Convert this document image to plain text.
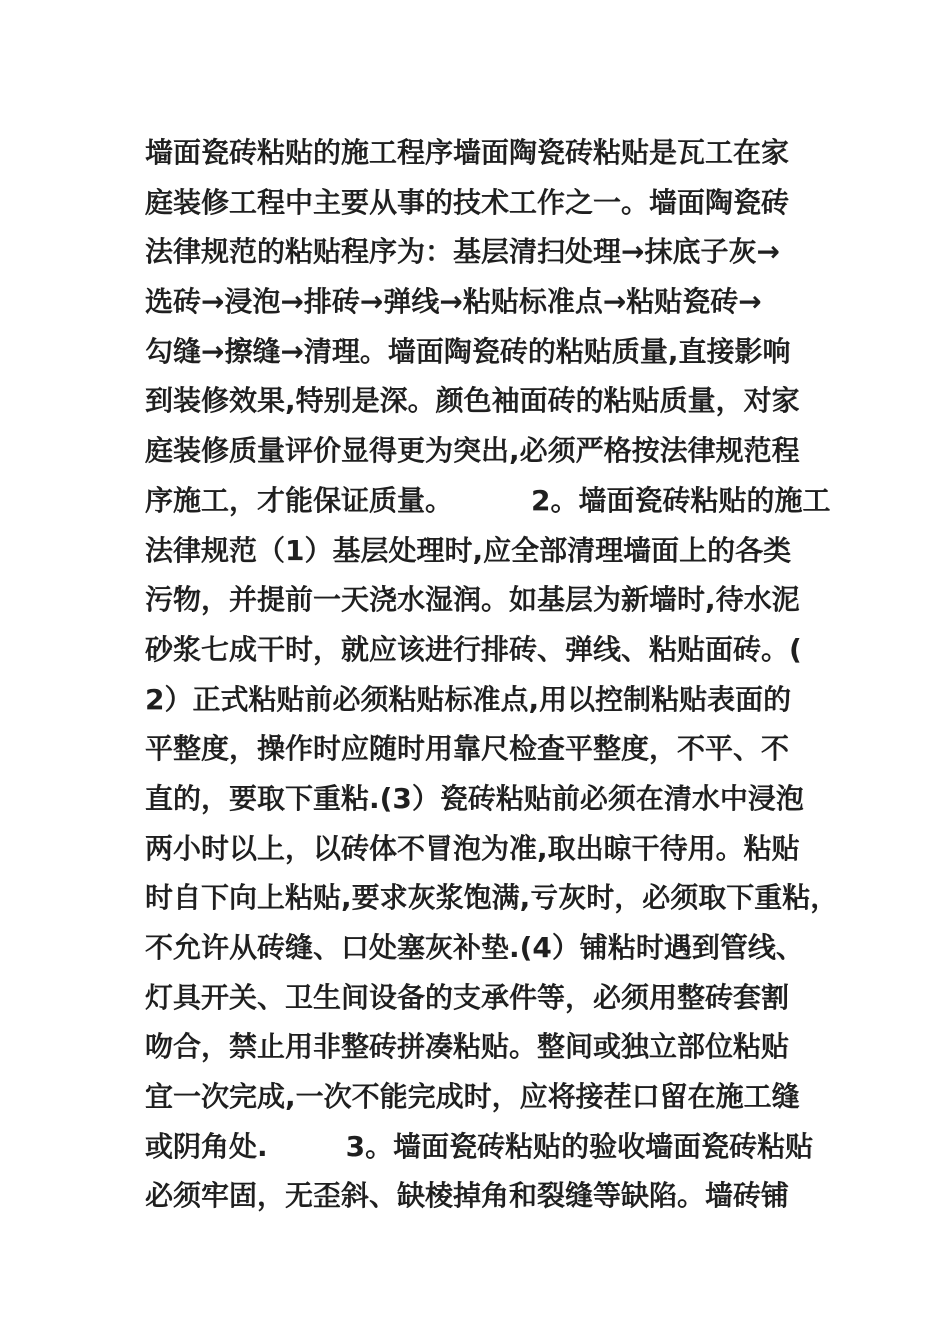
墙面瓷砖粘贴的施工程序墙面陶瓷砖粘贴是瓦工在家
庭装修工程中主要从事的技术工作之一。墙面陶瓷砖
法律规范的粘贴程序为：基层清扫处理→抹底子灰→
选砖→浸泡→排砖→弹线→粘贴标准点→粘贴瓷砖→
勾缝→擦缝→清理。墙面陶瓷砖的粘贴质量,直接影响
到装修效果,特别是深。颜色袖面砖的粘贴质量，对家
庭装修质量评价显得更为突出,必须严格按法律规范程
序施工，才能保证质量。        2。墙面瓷砖粘贴的施工
法律规范（1）基层处理时,应全部清理墙面上的各类
污物，并提前一天浇水湿润。如基层为新墙时,待水泥
砂浆七成干时，就应该进行排砖、弹线、粘贴面砖。(
2）正式粘贴前必须粘贴标准点,用以控制粘贴表面的
平整度，操作时应随时用靠尺检查平整度，不平、不
直的，要取下重粘.(3）瓷砖粘贴前必须在清水中浸泡
两小时以上，以砖体不冒泡为准,取出晾干待用。粘贴
时自下向上粘贴,要求灰浆饱满,亏灰时，必须取下重粘，
不允许从砖缝、口处塞灰补垫.(4）铺粘时遇到管线、
灯具开关、卫生间设备的支承件等，必须用整砖套割
吻合，禁止用非整砖拼凑粘贴。整间或独立部位粘贴
宜一次完成,一次不能完成时，应将接茬口留在施工缝
或阴角处.        3。墙面瓷砖粘贴的验收墙面瓷砖粘贴
必须牢固，无歪斜、缺棱掉角和裂缝等缺陷。墙砖铺
